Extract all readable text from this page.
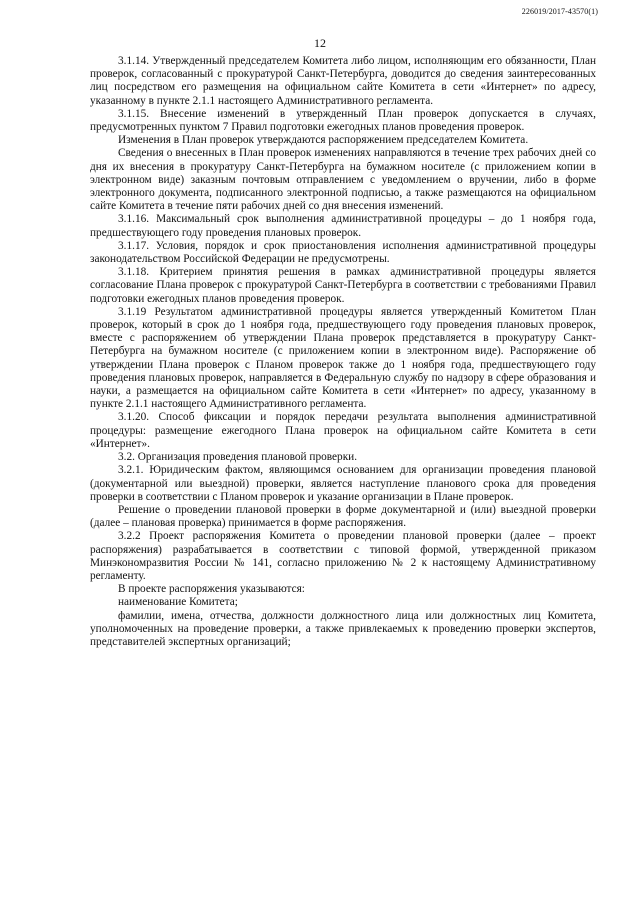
226019/2017-43570(1)
12

3.1.14. Утвержденный председателем Комитета либо лицом, исполняющим его обязанности, План проверок, согласованный с прокуратурой Санкт-Петербурга, доводится до сведения заинтересованных лиц посредством его размещения на официальном сайте Комитета в сети «Интернет» по адресу, указанному в пункте 2.1.1 настоящего Административного регламента.

3.1.15. Внесение изменений в утвержденный План проверок допускается в случаях, предусмотренных пунктом 7 Правил подготовки ежегодных планов проведения проверок.

Изменения в План проверок утверждаются распоряжением председателем Комитета.

Сведения о внесенных в План проверок изменениях направляются в течение трех рабочих дней со дня их внесения в прокуратуру Санкт-Петербурга на бумажном носителе (с приложением копии в электронном виде) заказным почтовым отправлением с уведомлением о вручении, либо в форме электронного документа, подписанного электронной подписью, а также размещаются на официальном сайте Комитета в течение пяти рабочих дней со дня внесения изменений.

3.1.16. Максимальный срок выполнения административной процедуры – до 1 ноября года, предшествующего году проведения плановых проверок.

3.1.17. Условия, порядок и срок приостановления исполнения административной процедуры законодательством Российской Федерации не предусмотрены.

3.1.18. Критерием принятия решения в рамках административной процедуры является согласование Плана проверок с прокуратурой Санкт-Петербурга в соответствии с требованиями Правил подготовки ежегодных планов проведения проверок.

3.1.19 Результатом административной процедуры является утвержденный Комитетом План проверок, который в срок до 1 ноября года, предшествующего году проведения плановых проверок, вместе с распоряжением об утверждении Плана проверок представляется в прокуратуру Санкт-Петербурга на бумажном носителе (с приложением копии в электронном виде). Распоряжение об утверждении Плана проверок с Планом проверок также до 1 ноября года, предшествующего году проведения плановых проверок, направляется в Федеральную службу по надзору в сфере образования и науки, а размещается на официальном сайте Комитета в сети «Интернет» по адресу, указанному в пункте 2.1.1 настоящего Административного регламента.

3.1.20. Способ фиксации и порядок передачи результата выполнения административной процедуры: размещение ежегодного Плана проверок на официальном сайте Комитета в сети «Интернет».

3.2. Организация проведения плановой проверки.

3.2.1. Юридическим фактом, являющимся основанием для организации проведения плановой (документарной или выездной) проверки, является наступление планового срока для проведения проверки в соответствии с Планом проверок и указание организации в Плане проверок.

Решение о проведении плановой проверки в форме документарной и (или) выездной проверки (далее – плановая проверка) принимается в форме распоряжения.

3.2.2 Проект распоряжения Комитета о проведении плановой проверки (далее – проект распоряжения) разрабатывается в соответствии с типовой формой, утвержденной приказом Минэкономразвития России № 141, согласно приложению № 2 к настоящему Административному регламенту.

В проекте распоряжения указываются:

наименование Комитета;

фамилии, имена, отчества, должности должностного лица или должностных лиц Комитета, уполномоченных на проведение проверки, а также привлекаемых к проведению проверки экспертов, представителей экспертных организаций;
